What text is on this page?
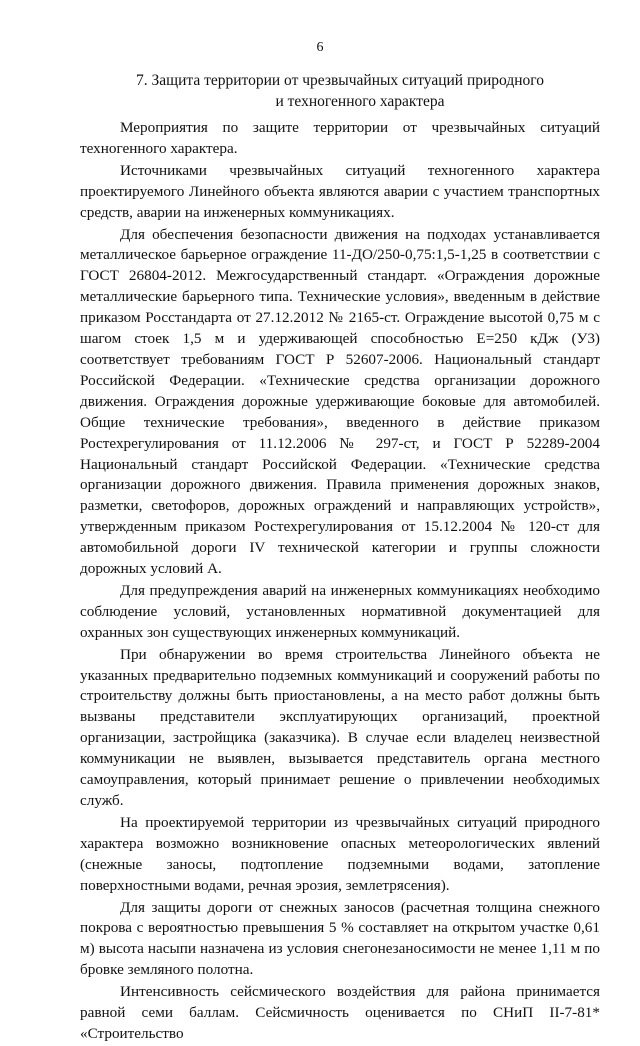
6
7. Защита территории от чрезвычайных ситуаций природного
и техногенного характера

Мероприятия по защите территории от чрезвычайных ситуаций техногенного характера.

Источниками чрезвычайных ситуаций техногенного характера проектируемого Линейного объекта являются аварии с участием транспортных средств, аварии на инженерных коммуникациях.

Для обеспечения безопасности движения на подходах устанавливается металлическое барьерное ограждение 11-ДО/250-0,75:1,5-1,25 в соответствии с ГОСТ 26804-2012. Межгосударственный стандарт. «Ограждения дорожные металлические барьерного типа. Технические условия», введенным в действие приказом Росстандарта от 27.12.2012 № 2165-ст. Ограждение высотой 0,75 м с шагом стоек 1,5 м и удерживающей способностью Е=250 кДж (У3) соответствует требованиям ГОСТ Р 52607-2006. Национальный стандарт Российской Федерации. «Технические средства организации дорожного движения. Ограждения дорожные удерживающие боковые для автомобилей. Общие технические требования», введенного в действие приказом Ростехрегулирования от 11.12.2006 № 297-ст, и ГОСТ Р 52289-2004 Национальный стандарт Российской Федерации. «Технические средства организации дорожного движения. Правила применения дорожных знаков, разметки, светофоров, дорожных ограждений и направляющих устройств», утвержденным приказом Ростехрегулирования от 15.12.2004 № 120-ст для автомобильной дороги IV технической категории и группы сложности дорожных условий А.

Для предупреждения аварий на инженерных коммуникациях необходимо соблюдение условий, установленных нормативной документацией для охранных зон существующих инженерных коммуникаций.

При обнаружении во время строительства Линейного объекта не указанных предварительно подземных коммуникаций и сооружений работы по строительству должны быть приостановлены, а на место работ должны быть вызваны представители эксплуатирующих организаций, проектной организации, застройщика (заказчика). В случае если владелец неизвестной коммуникации не выявлен, вызывается представитель органа местного самоуправления, который принимает решение о привлечении необходимых служб.

На проектируемой территории из чрезвычайных ситуаций природного характера возможно возникновение опасных метеорологических явлений (снежные заносы, подтопление подземными водами, затопление поверхностными водами, речная эрозия, землетрясения).

Для защиты дороги от снежных заносов (расчетная толщина снежного покрова с вероятностью превышения 5 % составляет на открытом участке 0,61 м) высота насыпи назначена из условия снегонезаносимости не менее 1,11 м по бровке земляного полотна.

Интенсивность сейсмического воздействия для района принимается равной семи баллам. Сейсмичность оценивается по СНиП II-7-81* «Строительство
